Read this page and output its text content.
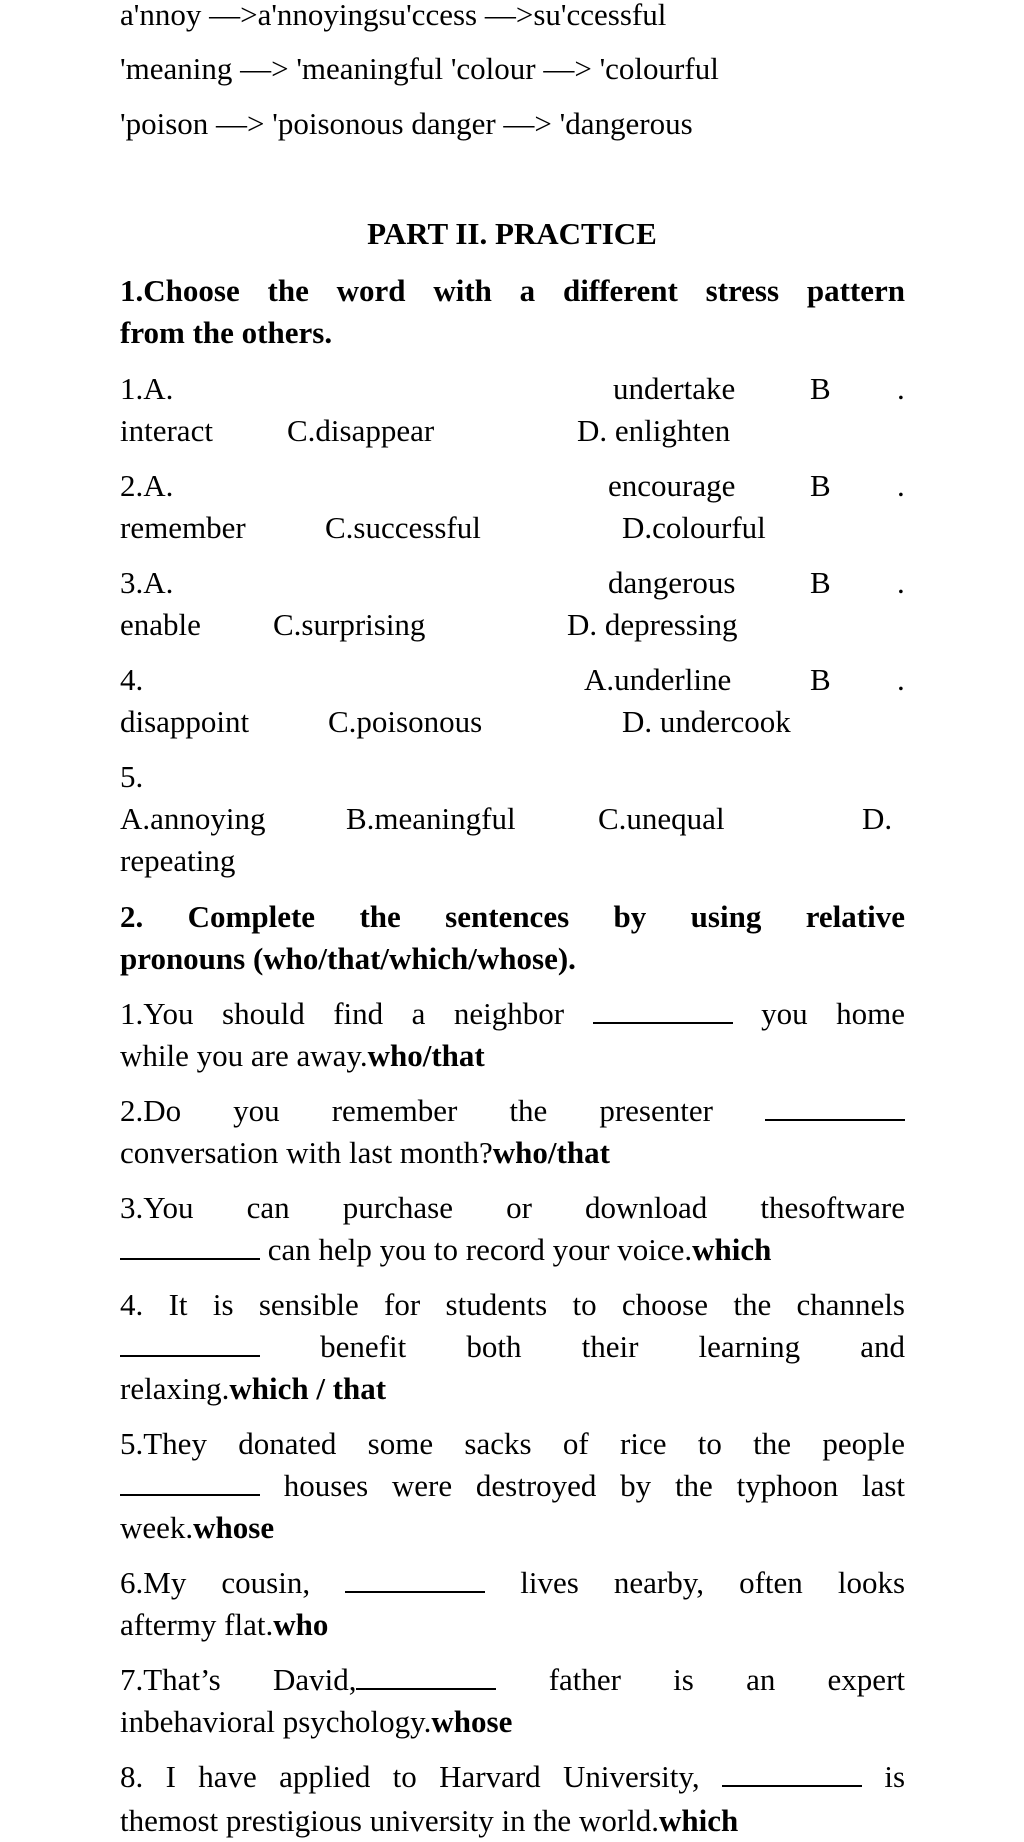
a'nnoy —>a'nnoyingsu'ccess —>su'ccessful
'meaning —> 'meaningful 'colour —> 'colourful
'poison —> 'poisonous danger —> 'dangerous
PART II. PRACTICE
1.Choose the word with a different stress pattern
from the others.
1.A.	undertake B .
interact C.disappear	D. enlighten
2.A.	encourage B .
remember	C.successful	D.colourful
3.A.	dangerous B .
enable C.surprising	D. depressing
4.	A.underline	B .
disappoint	C.poisonous	D. undercook
5.
A.annoying	B.meaningful	C.unequal	D.
repeating
2. Complete the sentences by using relative
pronouns (who/that/which/whose).
1.You should find a neighbor	you home
while you are away.who/that
2.Do you remember the presenter
conversation with last month?who/that
3.You can purchase or download thesoftware
can help you to record your voice.which
4. It is sensible for students to choose the channels
benefit both their learning and
relaxing.which / that
5.They donated some sacks of rice to the people
houses were destroyed by the typhoon last
week.whose
6.My cousin,	lives nearby, often looks
aftermy flat.who
7.That’s David,	father is an expert
inbehavioral psychology.whose
8. I have applied to Harvard University,	is
themost prestigious university in the world.which
